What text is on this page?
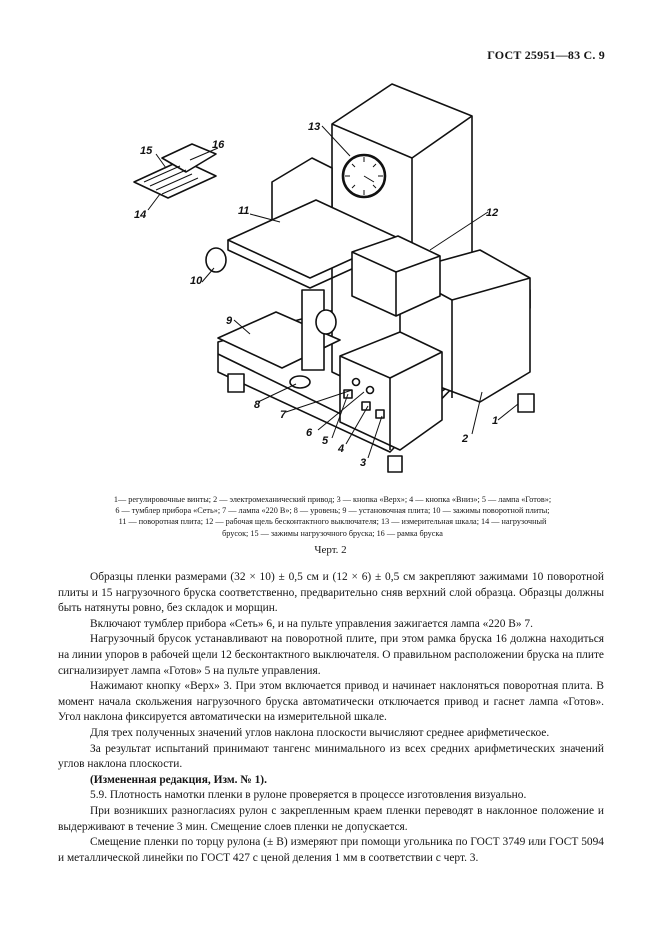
ГОСТ 25951—83 С. 9
13
16
15
14	11	12
10
9
8
7
6
5
4
3
2
1
1— регулировочные винты; 2 — электромеханический привод; 3 — кнопка «Верх»; 4 — кнопка «Вниз»; 5 — лампа «Готов»;
6 — тумблер прибора «Сеть»; 7 — лампа «220 В»; 8 — уровень; 9 — установочная плита; 10 — зажимы поворотной плиты;
11 — поворотная плита; 12 — рабочая щель бесконтактного выключателя; 13 — измерительная шкала; 14 — нагрузочный
брусок; 15 — зажимы нагрузочного бруска; 16 — рамка бруска
Черт. 2

Образцы пленки размерами (32 × 10) ± 0,5 см и (12 × 6) ± 0,5 см закрепляют зажимами 10 поворотной плиты и 15 нагрузочного бруска соответственно, предварительно сняв верхний слой образца. Образцы должны быть натянуты ровно, без складок и морщин.

Включают тумблер прибора «Сеть» 6, и на пульте управления зажигается лампа «220 В» 7.

Нагрузочный брусок устанавливают на поворотной плите, при этом рамка бруска 16 должна находиться на линии упоров в рабочей щели 12 бесконтактного выключателя. О правильном расположении бруска на плите сигнализирует лампа «Готов» 5 на пульте управления.

Нажимают кнопку «Верх» 3. При этом включается привод и начинает наклоняться поворотная плита. В момент начала скольжения нагрузочного бруска автоматически отключается привод и гаснет лампа «Готов». Угол наклона фиксируется автоматически на измерительной шкале.

Для трех полученных значений углов наклона плоскости вычисляют среднее арифметическое.

За результат испытаний принимают тангенс минимального из всех средних арифметических значений углов наклона плоскости.

(Измененная редакция, Изм. № 1).

5.9. Плотность намотки пленки в рулоне проверяется в процессе изготовления визуально.

При возникших разногласиях рулон с закрепленным краем пленки переводят в наклонное положение и выдерживают в течение 3 мин. Смещение слоев пленки не допускается.

Смещение пленки по торцу рулона (± В) измеряют при помощи угольника по ГОСТ 3749 или ГОСТ 5094 и металлической линейки по ГОСТ 427 с ценой деления 1 мм в соответствии с черт. 3.
